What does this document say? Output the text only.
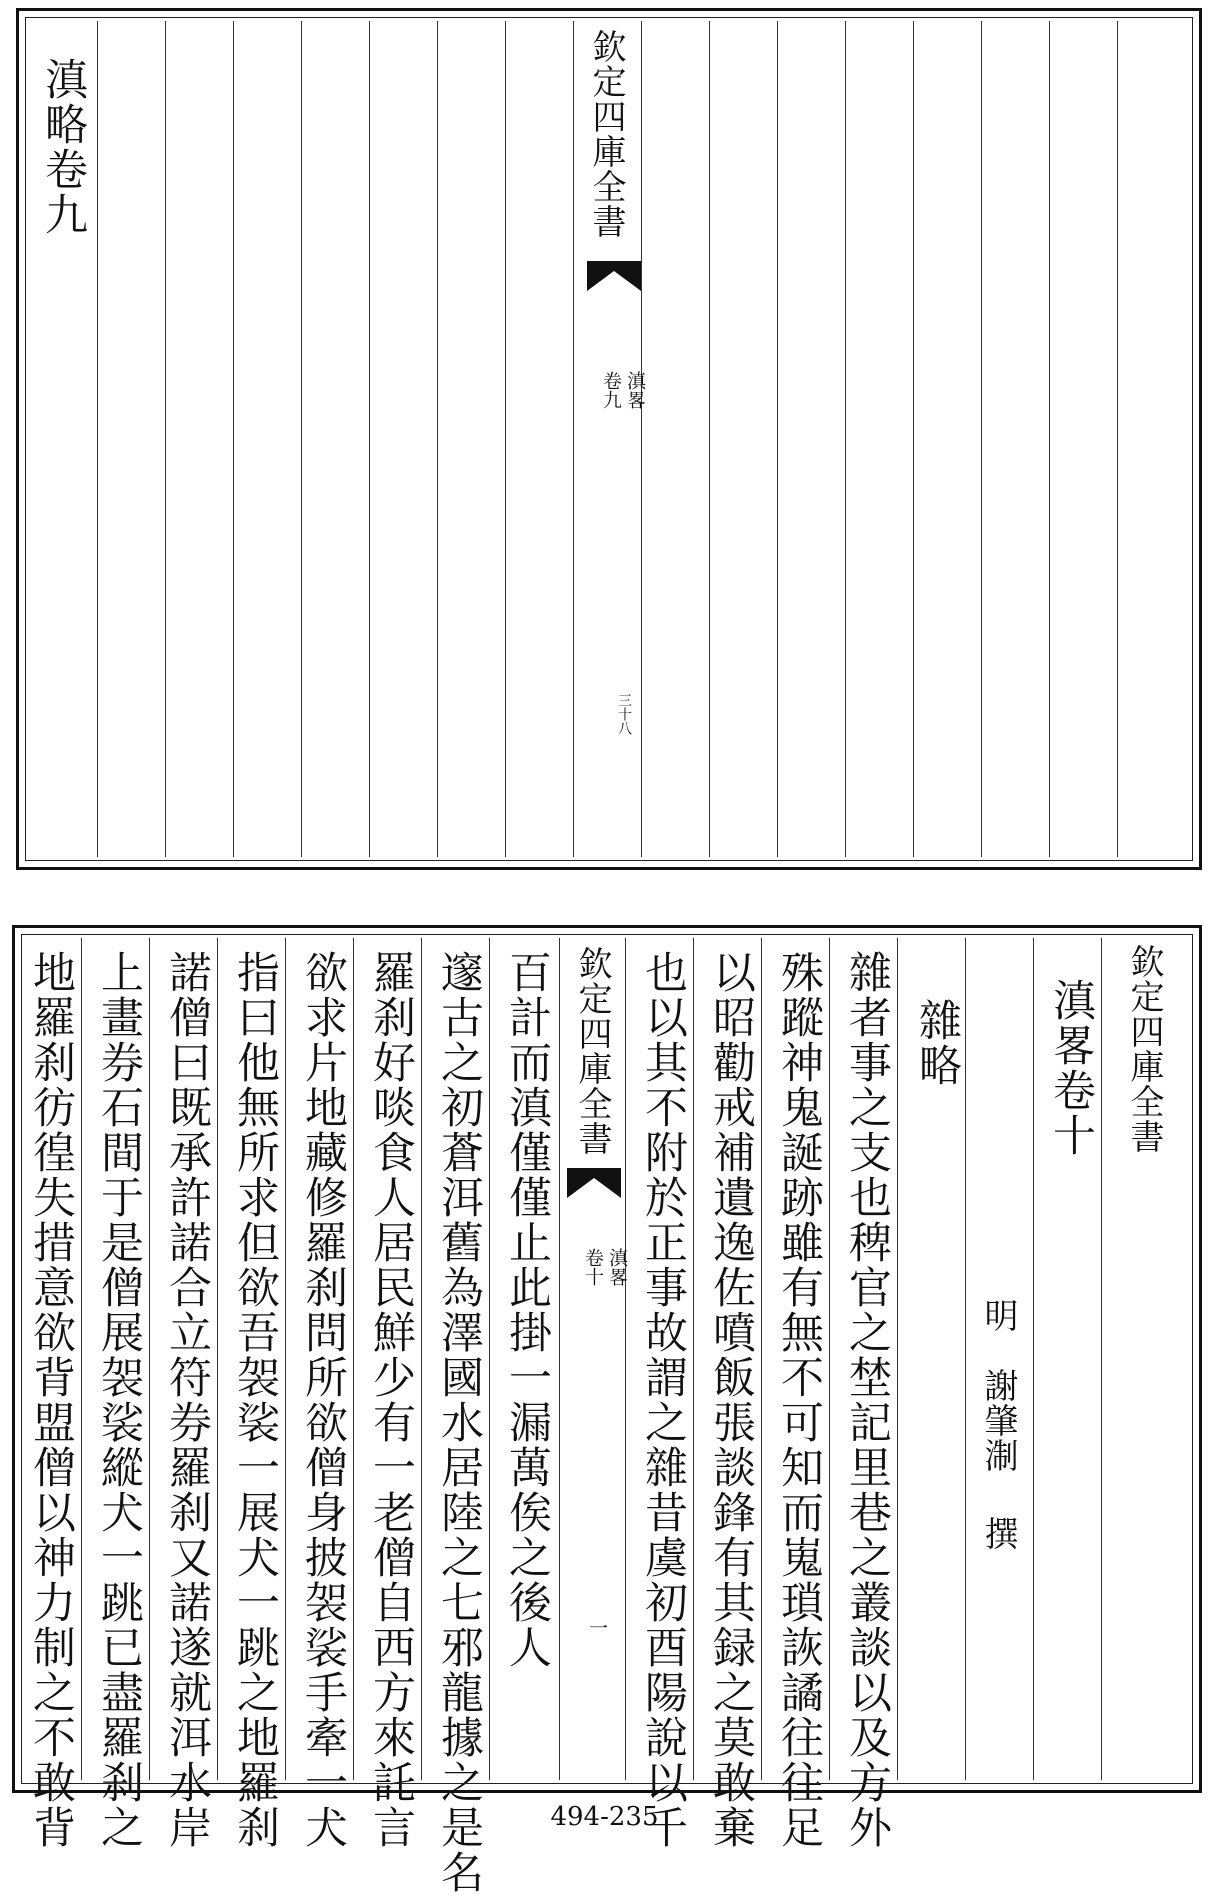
滇略卷九	欽定四庫全書
滇畧
卷九
三十八
欽定四庫全書
滇畧卷十
明
謝肇淛
撰
雜略
雜者事之支也稗官之埜記里巷之叢談以及方外
殊蹤神鬼誕跡雖有無不可知而嵬瑣詼譎往往足
以昭勸戒補遺逸佐噴飯張談鋒有其録之莫敢棄
也以其不附於正事故謂之雜昔虞初酉陽說以千
欽定四庫全書
滇畧
卷十
一
百計而滇僅僅止此掛一漏萬俟之後人
邃古之初蒼洱舊為澤國水居陸之七邪龍據之是名
羅刹好啖食人居民鮮少有一老僧自西方來託言
欲求片地藏修羅刹問所欲僧身披袈裟手牽一犬
指曰他無所求但欲吾袈裟一展犬一跳之地羅刹
諾僧曰既承許諾合立符券羅刹又諾遂就洱水岸
上畫券石間于是僧展袈裟縱犬一跳已盡羅刹之
地羅刹彷徨失措意欲背盟僧以神力制之不敢背	494-235
